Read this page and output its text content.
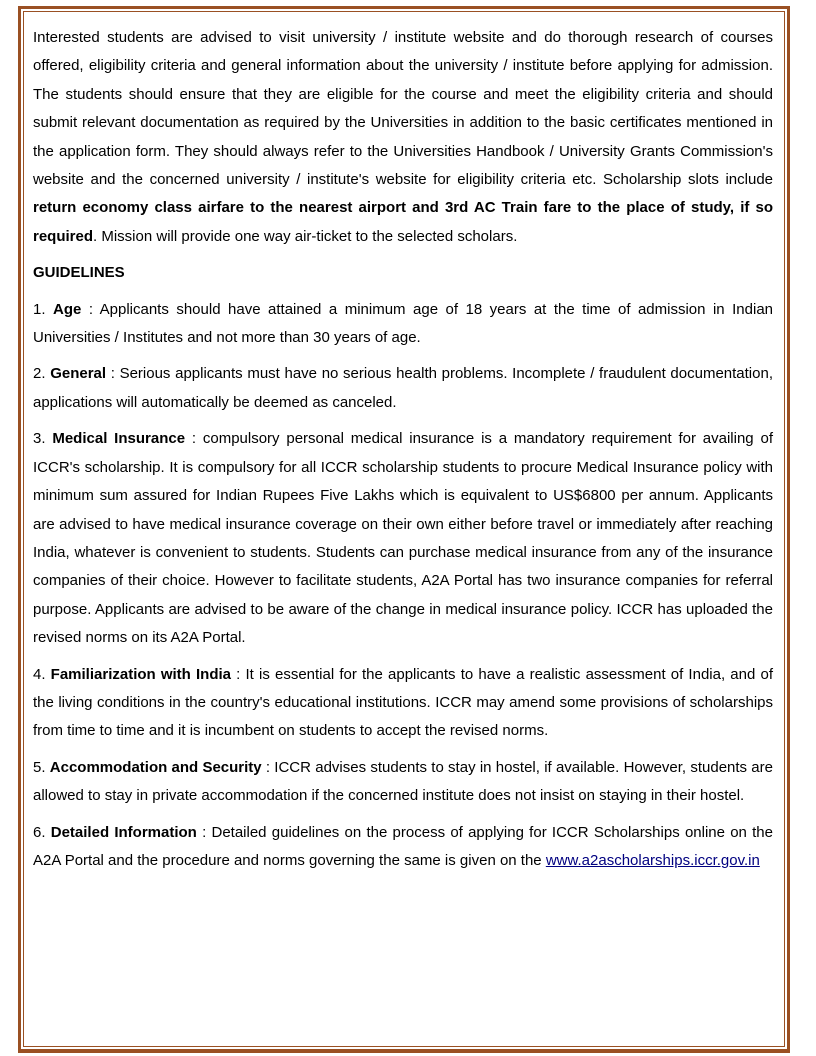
Interested students are advised to visit university / institute website and do thorough research of courses offered, eligibility criteria and general information about the university / institute before applying for admission. The students should ensure that they are eligible for the course and meet the eligibility criteria and should submit relevant documentation as required by the Universities in addition to the basic certificates mentioned in the application form. They should always refer to the Universities Handbook / University Grants Commission's website and the concerned university / institute's website for eligibility criteria etc. Scholarship slots include return economy class airfare to the nearest airport and 3rd AC Train fare to the place of study, if so required. Mission will provide one way air-ticket to the selected scholars.

GUIDELINES

1. Age : Applicants should have attained a minimum age of 18 years at the time of admission in Indian Universities / Institutes and not more than 30 years of age.

2. General : Serious applicants must have no serious health problems. Incomplete / fraudulent documentation, applications will automatically be deemed as canceled.

3. Medical Insurance : compulsory personal medical insurance is a mandatory requirement for availing of ICCR's scholarship. It is compulsory for all ICCR scholarship students to procure Medical Insurance policy with minimum sum assured for Indian Rupees Five Lakhs which is equivalent to US$6800 per annum. Applicants are advised to have medical insurance coverage on their own either before travel or immediately after reaching India, whatever is convenient to students. Students can purchase medical insurance from any of the insurance companies of their choice. However to facilitate students, A2A Portal has two insurance companies for referral purpose. Applicants are advised to be aware of the change in medical insurance policy. ICCR has uploaded the revised norms on its A2A Portal.

4. Familiarization with India : It is essential for the applicants to have a realistic assessment of India, and of the living conditions in the country's educational institutions. ICCR may amend some provisions of scholarships from time to time and it is incumbent on students to accept the revised norms.

5. Accommodation and Security : ICCR advises students to stay in hostel, if available. However, students are allowed to stay in private accommodation if the concerned institute does not insist on staying in their hostel.

6. Detailed Information : Detailed guidelines on the process of applying for ICCR Scholarships online on the A2A Portal and the procedure and norms governing the same is given on the www.a2ascholarships.iccr.gov.in
